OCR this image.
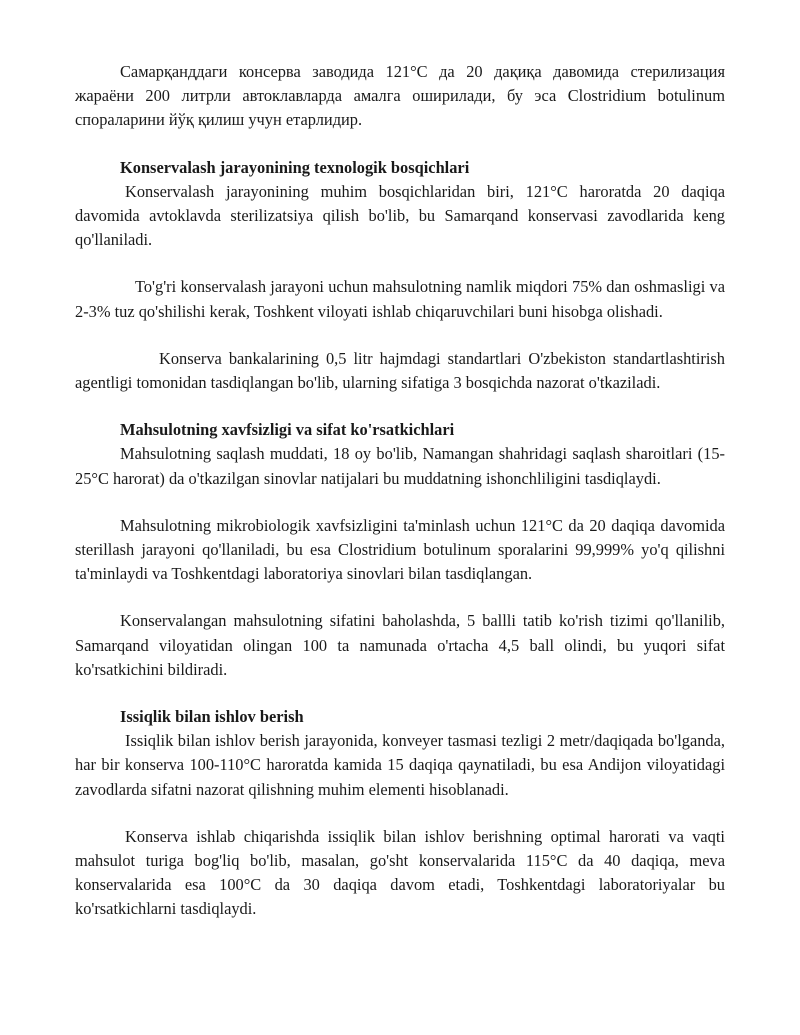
Самарқанддаги консерва заводида 121°C да 20 дақиқа давомида стерилизация жараёни 200 литрли автоклавларда амалга оширилади, бу эса Clostridium botulinum спораларини йўқ қилиш учун етарлидир.

Konservalash jarayonining texnologik bosqichlari

Konservalash jarayonining muhim bosqichlaridan biri, 121°C haroratda 20 daqiqa davomida avtoklavda sterilizatsiya qilish bo'lib, bu Samarqand konservasi zavodlarida keng qo'llaniladi.

To'g'ri konservalash jarayoni uchun mahsulotning namlik miqdori 75% dan oshmasligi va 2-3% tuz qo'shilishi kerak, Toshkent viloyati ishlab chiqaruvchilari buni hisobga olishadi.

Konserva bankalarining 0,5 litr hajmdagi standartlari O'zbekiston standartlashtirish agentligi tomonidan tasdiqlangan bo'lib, ularning sifatiga 3 bosqichda nazorat o'tkaziladi.

Mahsulotning xavfsizligi va sifat ko'rsatkichlari

Mahsulotning saqlash muddati, 18 oy bo'lib, Namangan shahridagi saqlash sharoitlari (15-25°C harorat) da o'tkazilgan sinovlar natijalari bu muddatning ishonchliligini tasdiqlaydi.

Mahsulotning mikrobiologik xavfsizligini ta'minlash uchun 121°C da 20 daqiqa davomida sterillash jarayoni qo'llaniladi, bu esa Clostridium botulinum sporalarini 99,999% yo'q qilishni ta'minlaydi va Toshkentdagi laboratoriya sinovlari bilan tasdiqlangan.

Konservalangan mahsulotning sifatini baholashda, 5 ballli tatib ko'rish tizimi qo'llanilib, Samarqand viloyatidan olingan 100 ta namunada o'rtacha 4,5 ball olindi, bu yuqori sifat ko'rsatkichini bildiradi.

Issiqlik bilan ishlov berish

Issiqlik bilan ishlov berish jarayonida, konveyer tasmasi tezligi 2 metr/daqiqada bo'lganda, har bir konserva 100-110°C haroratda kamida 15 daqiqa qaynatiladi, bu esa Andijon viloyatidagi zavodlarda sifatni nazorat qilishning muhim elementi hisoblanadi.

Konserva ishlab chiqarishda issiqlik bilan ishlov berishning optimal harorati va vaqti mahsulot turiga bog'liq bo'lib, masalan, go'sht konservalarida 115°C da 40 daqiqa, meva konservalarida esa 100°C da 30 daqiqa davom etadi, Toshkentdagi laboratoriyalar bu ko'rsatkichlarni tasdiqlaydi.
